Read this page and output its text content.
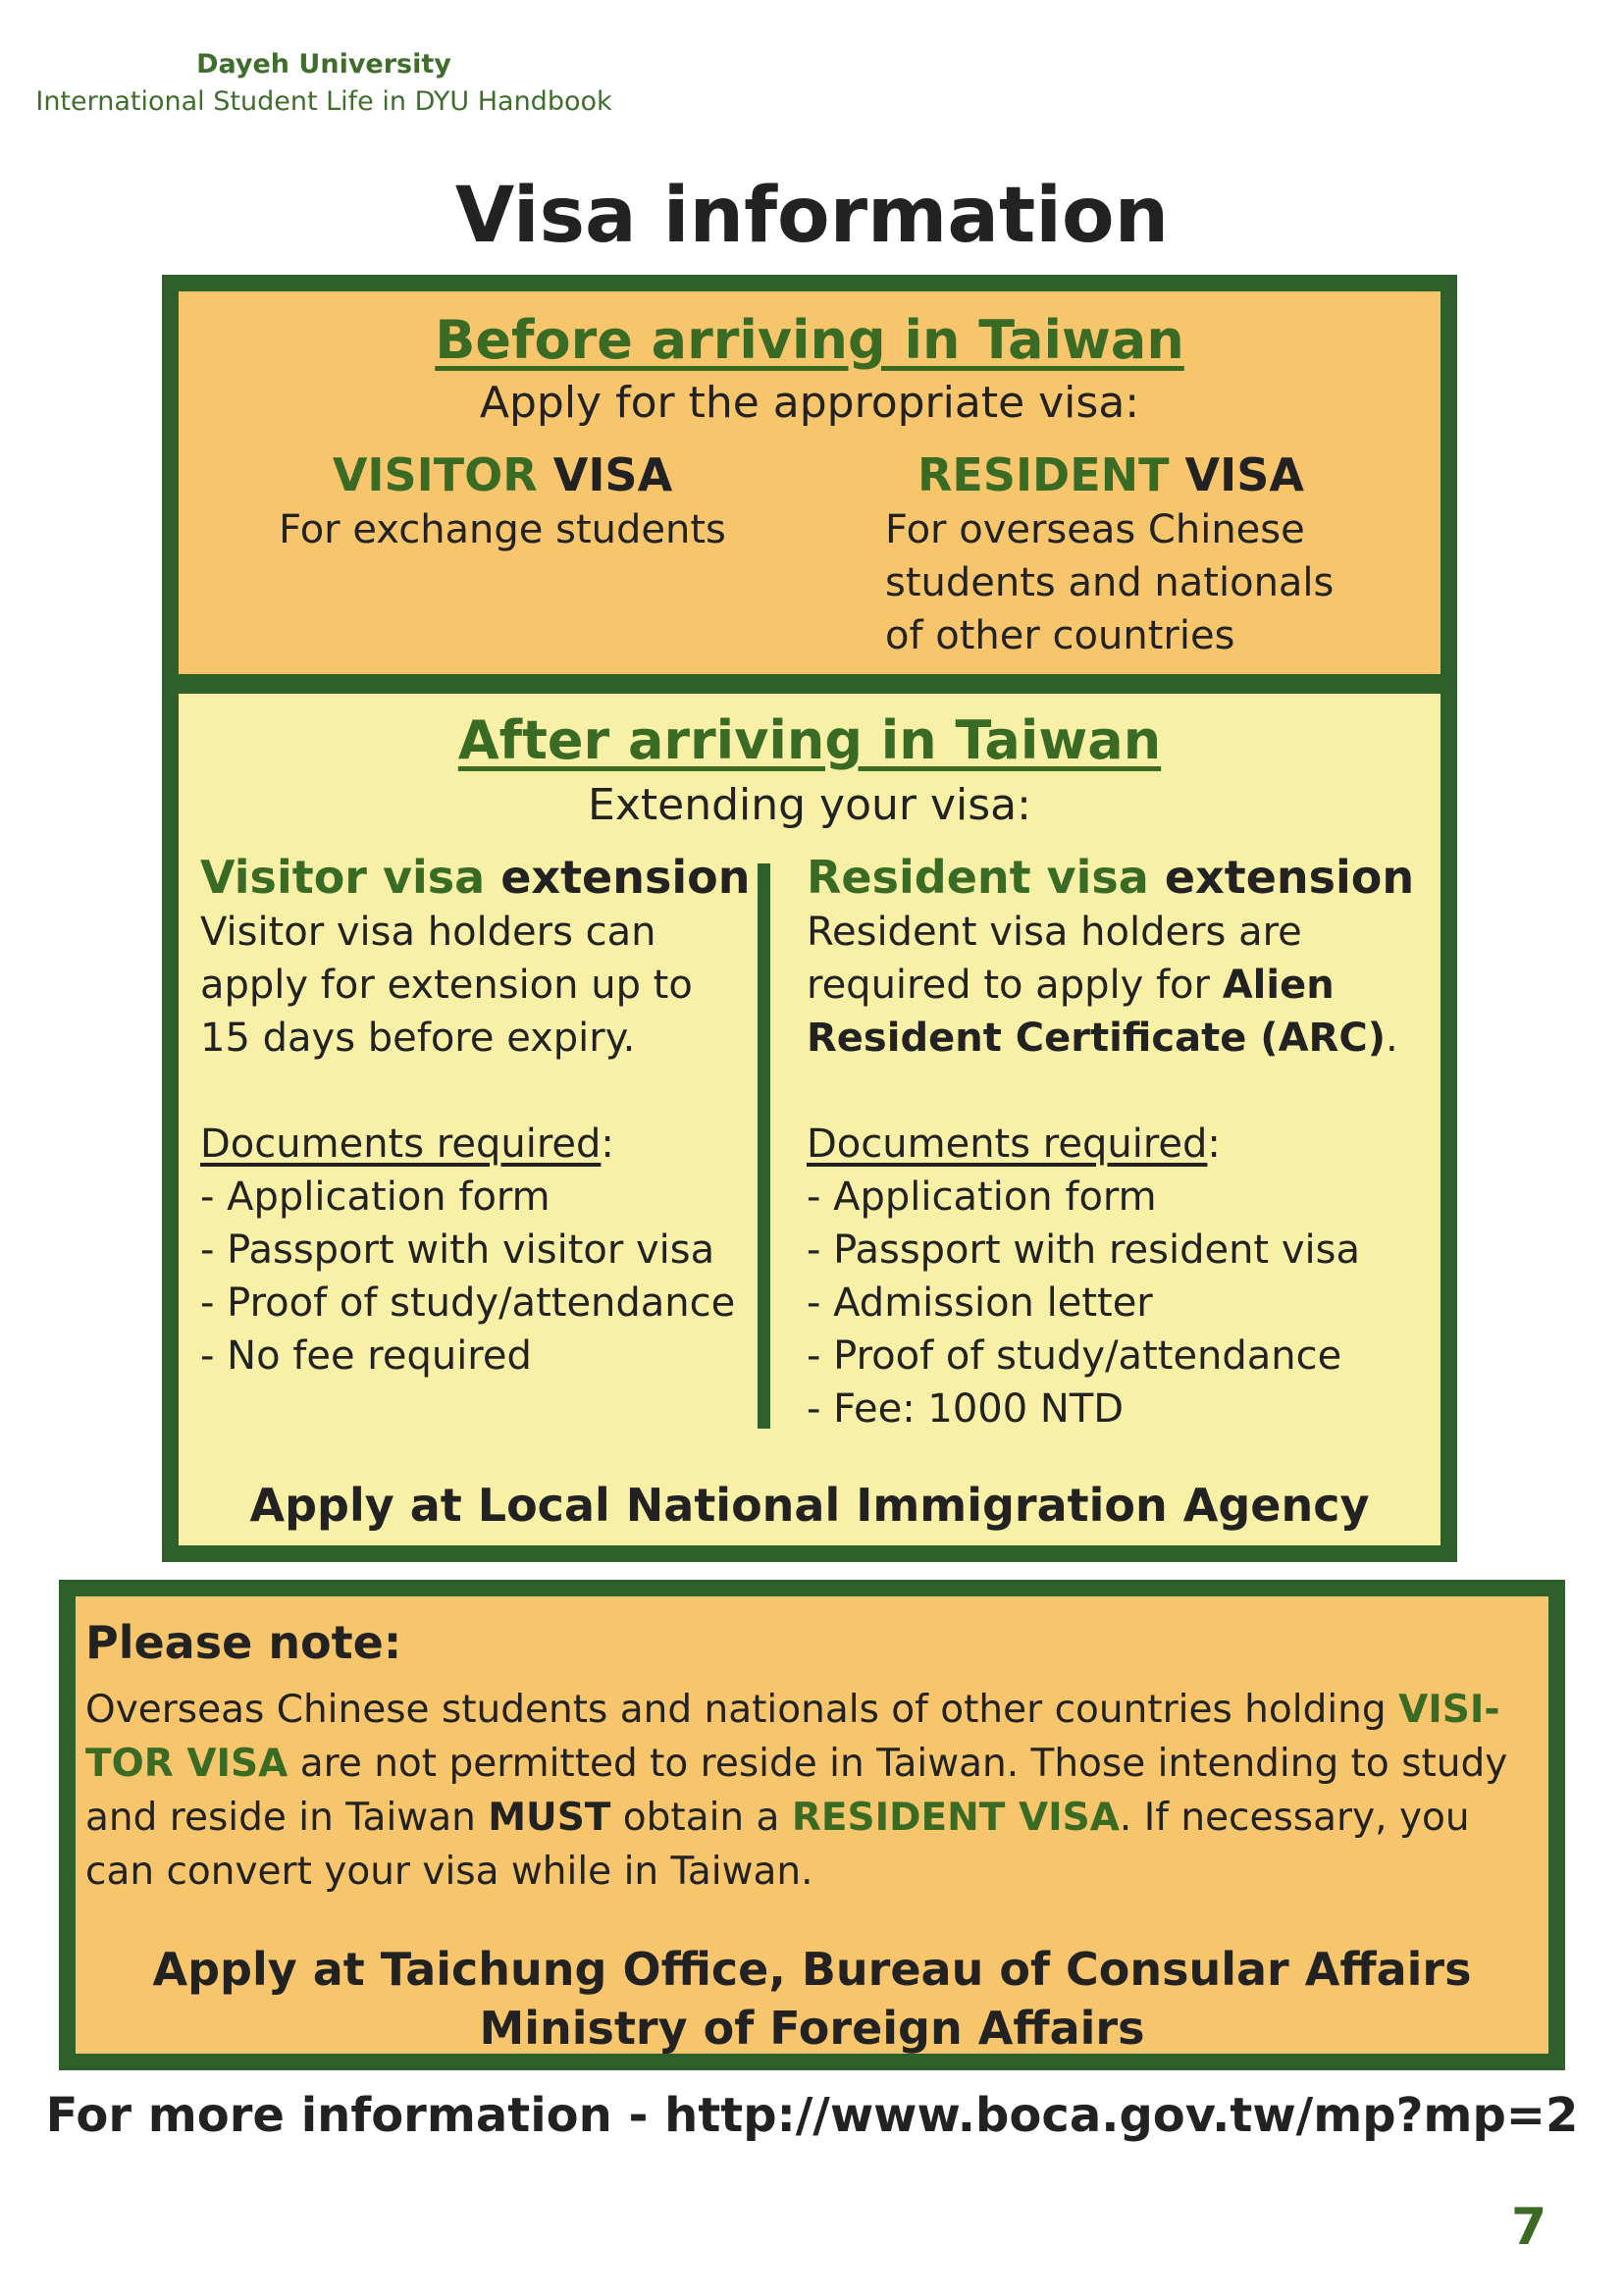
Dayeh University
International Student Life in DYU Handbook
Visa information
Before arriving in Taiwan
Apply for the appropriate visa:
VISITOR VISA
For exchange students
RESIDENT VISA
For overseas Chinese
students and nationals
of other countries
After arriving in Taiwan
Extending your visa:
Visitor visa extension
Visitor visa holders can
apply for extension up to
15 days before expiry.
Documents required:
- Application form
- Passport with visitor visa
- Proof of study/attendance
- No fee required
Resident visa extension
Resident visa holders are
required to apply for Alien
Resident Certificate (ARC).
Documents required:
- Application form
- Passport with resident visa
- Admission letter
- Proof of study/attendance
- Fee: 1000 NTD
Apply at Local National Immigration Agency
Please note:
Overseas Chinese students and nationals of other countries holding VISI-
TOR VISA are not permitted to reside in Taiwan. Those intending to study
and reside in Taiwan MUST obtain a RESIDENT VISA. If necessary, you
can convert your visa while in Taiwan.
Apply at Taichung Office, Bureau of Consular Affairs
Ministry of Foreign Affairs
For more information - http://www.boca.gov.tw/mp?mp=2
7
